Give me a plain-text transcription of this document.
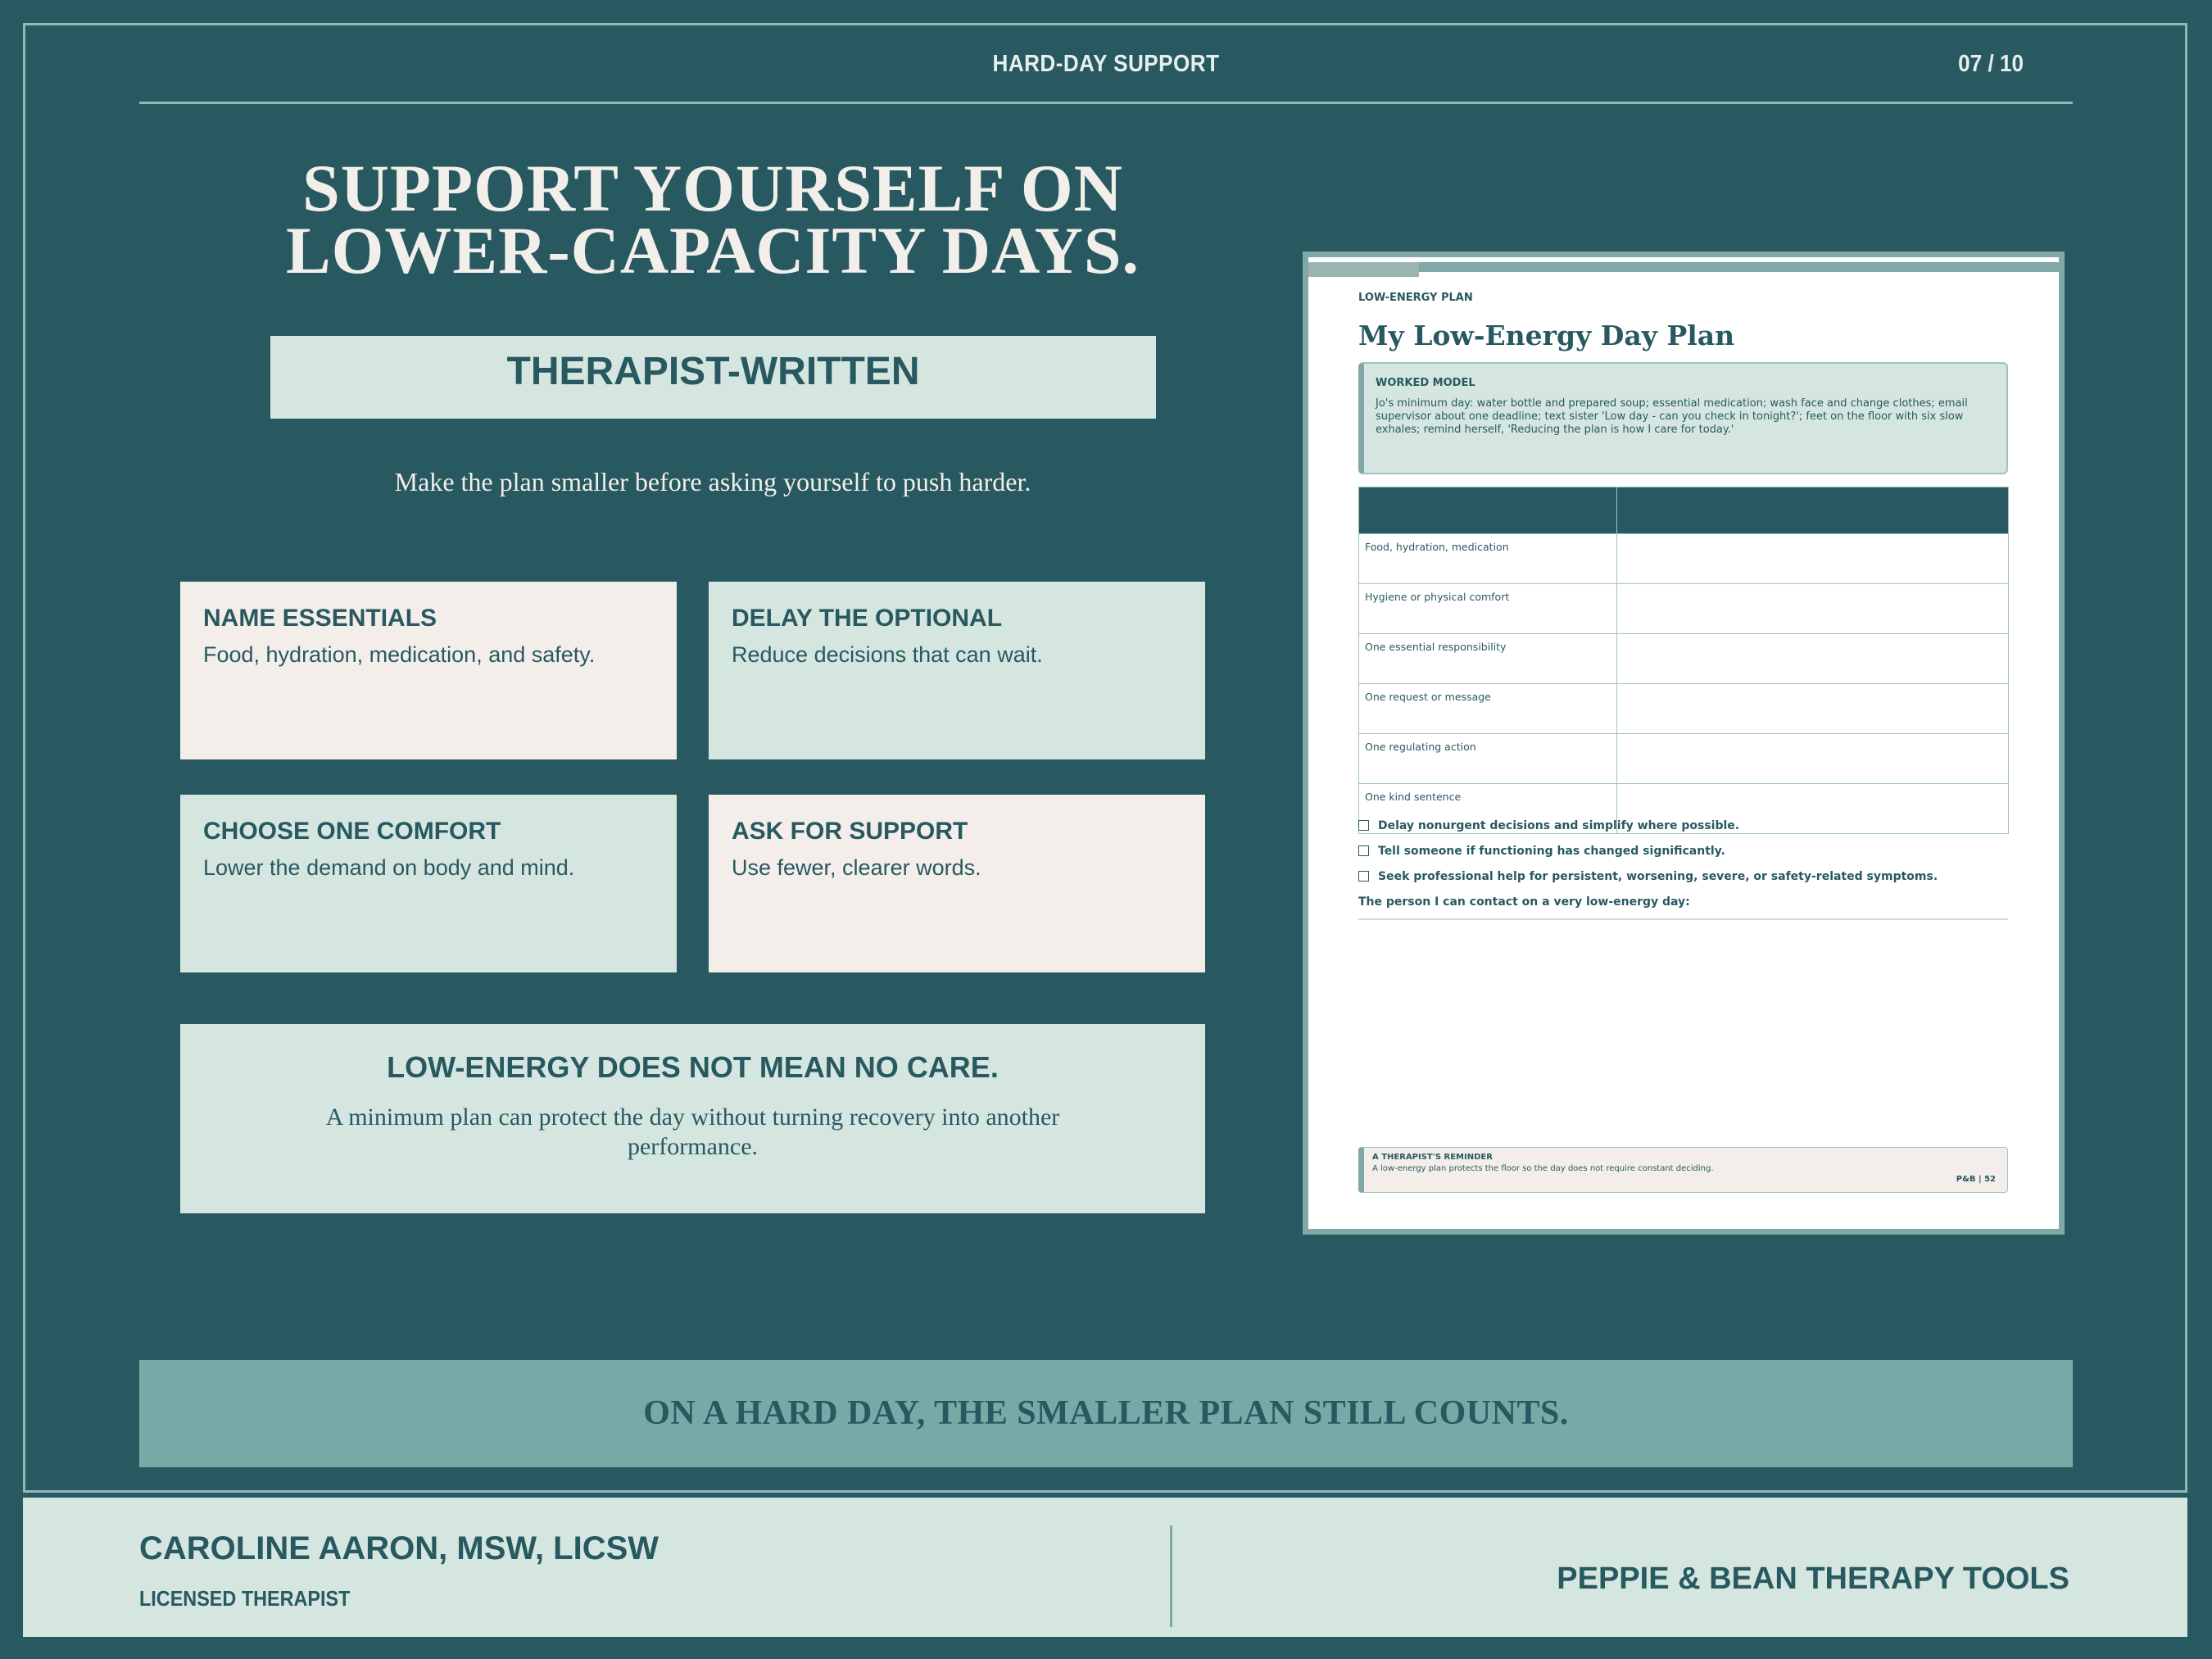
HARD-DAY SUPPORT	07 / 10
SUPPORT YOURSELF ON
LOWER-CAPACITY DAYS.
THERAPIST-WRITTEN
Make the plan smaller before asking yourself to push harder.
NAME ESSENTIALS

Food, hydration, medication, and safety.

DELAY THE OPTIONAL

Reduce decisions that can wait.

CHOOSE ONE COMFORT

Lower the demand on body and mind.

ASK FOR SUPPORT

Use fewer, clearer words.

LOW-ENERGY DOES NOT MEAN NO CARE.

A minimum plan can protect the day without turning recovery into another performance.

LOW-ENERGY PLAN
My Low-Energy Day Plan
WORKED MODEL
Jo's minimum day: water bottle and prepared soup; essential medication; wash face and change clothes; email supervisor about one deadline; text sister 'Low day - can you check in tonight?'; feet on the floor with six slow exhales; remind herself, 'Reducing the plan is how I care for today.'

Food, hydration, medication	
Hygiene or physical comfort	
One essential responsibility	
One request or message	
One regulating action	
One kind sentence	
Delay nonurgent decisions and simplify where possible.
Tell someone if functioning has changed significantly.
Seek professional help for persistent, worsening, severe, or safety-related symptoms.
The person I can contact on a very low-energy day:
A THERAPIST'S REMINDER
A low-energy plan protects the floor so the day does not require constant deciding.
P&B | 52
ON A HARD DAY, THE SMALLER PLAN STILL COUNTS.
CAROLINE AARON, MSW, LICSW
LICENSED THERAPIST
PEPPIE & BEAN THERAPY TOOLS
